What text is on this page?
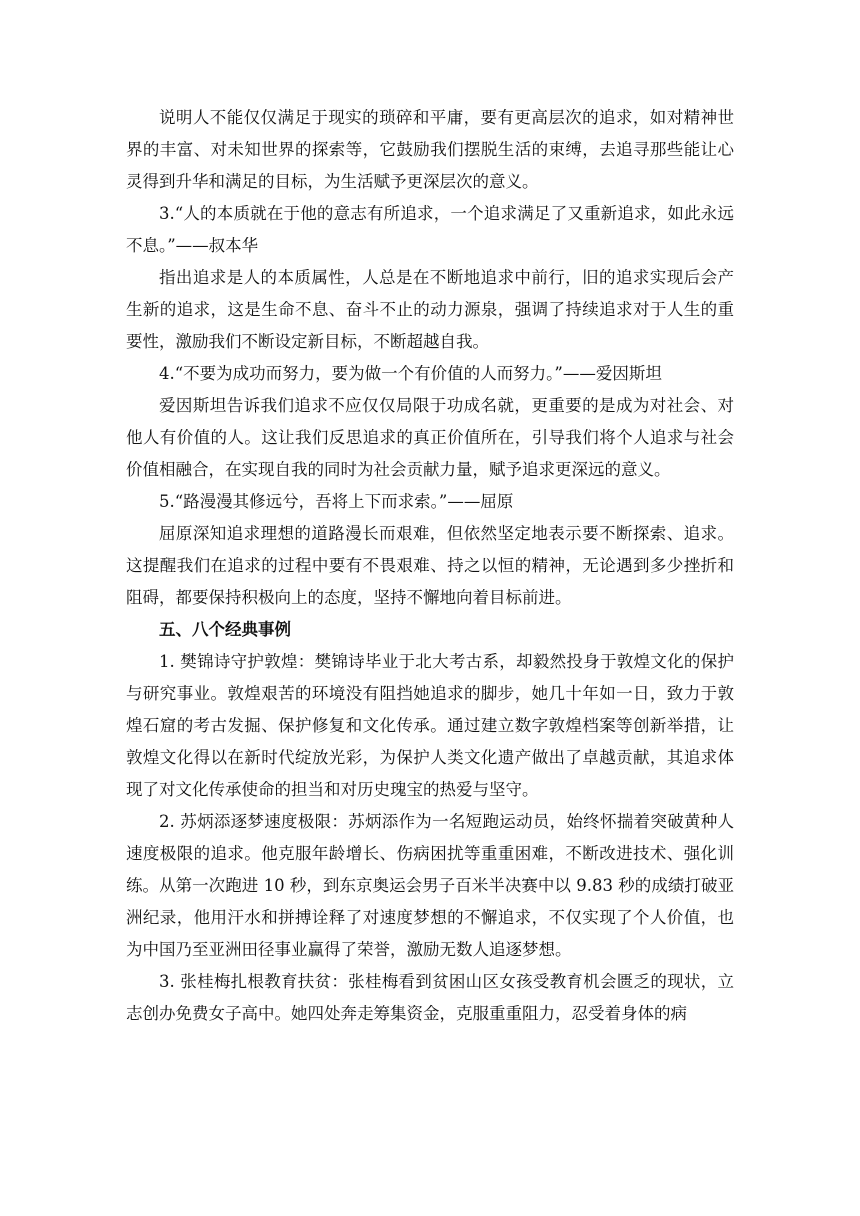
说明人不能仅仅满足于现实的琐碎和平庸，要有更高层次的追求，如对精神世界的丰富、对未知世界的探索等，它鼓励我们摆脱生活的束缚，去追寻那些能让心灵得到升华和满足的目标，为生活赋予更深层次的意义。

3.“人的本质就在于他的意志有所追求，一个追求满足了又重新追求，如此永远不息。”——叔本华

指出追求是人的本质属性，人总是在不断地追求中前行，旧的追求实现后会产生新的追求，这是生命不息、奋斗不止的动力源泉，强调了持续追求对于人生的重要性，激励我们不断设定新目标，不断超越自我。

4.“不要为成功而努力，要为做一个有价值的人而努力。”——爱因斯坦

爱因斯坦告诉我们追求不应仅仅局限于功成名就，更重要的是成为对社会、对他人有价值的人。这让我们反思追求的真正价值所在，引导我们将个人追求与社会价值相融合，在实现自我的同时为社会贡献力量，赋予追求更深远的意义。

5.“路漫漫其修远兮，吾将上下而求索。”——屈原

屈原深知追求理想的道路漫长而艰难，但依然坚定地表示要不断探索、追求。这提醒我们在追求的过程中要有不畏艰难、持之以恒的精神，无论遇到多少挫折和阻碍，都要保持积极向上的态度，坚持不懈地向着目标前进。

五、八个经典事例

1. 樊锦诗守护敦煌：樊锦诗毕业于北大考古系，却毅然投身于敦煌文化的保护与研究事业。敦煌艰苦的环境没有阻挡她追求的脚步，她几十年如一日，致力于敦煌石窟的考古发掘、保护修复和文化传承。通过建立数字敦煌档案等创新举措，让敦煌文化得以在新时代绽放光彩，为保护人类文化遗产做出了卓越贡献，其追求体现了对文化传承使命的担当和对历史瑰宝的热爱与坚守。

2. 苏炳添逐梦速度极限：苏炳添作为一名短跑运动员，始终怀揣着突破黄种人速度极限的追求。他克服年龄增长、伤病困扰等重重困难，不断改进技术、强化训练。从第一次跑进 10 秒，到东京奥运会男子百米半决赛中以 9.83 秒的成绩打破亚洲纪录，他用汗水和拼搏诠释了对速度梦想的不懈追求，不仅实现了个人价值，也为中国乃至亚洲田径事业赢得了荣誉，激励无数人追逐梦想。

3. 张桂梅扎根教育扶贫：张桂梅看到贫困山区女孩受教育机会匮乏的现状，立志创办免费女子高中。她四处奔走筹集资金，克服重重阻力，忍受着身体的病
